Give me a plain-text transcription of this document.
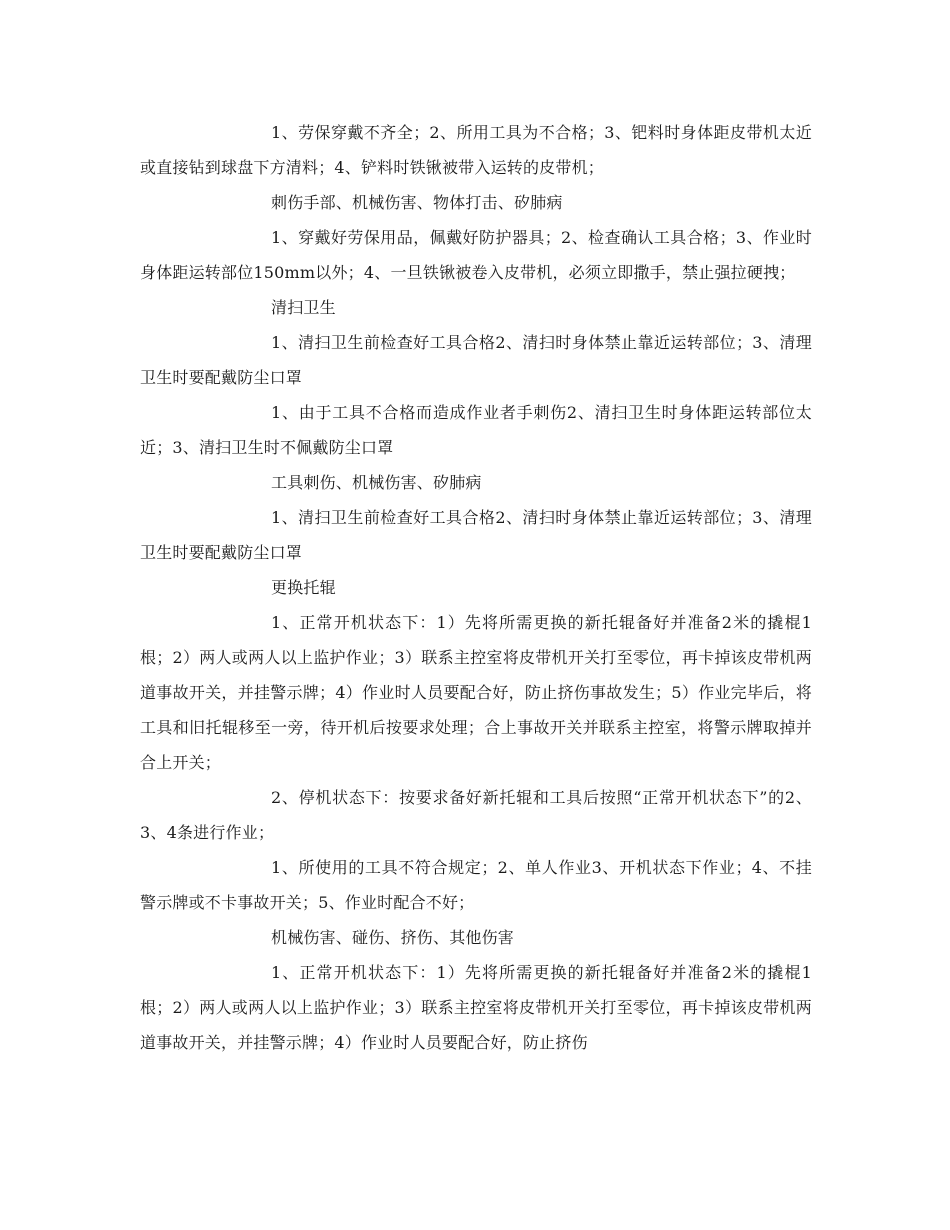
1、劳保穿戴不齐全；2、所用工具为不合格；3、钯料时身体距皮带机太近或直接钻到球盘下方清料；4、铲料时铁锹被带入运转的皮带机；

刺伤手部、机械伤害、物体打击、矽肺病

1、穿戴好劳保用品，佩戴好防护器具；2、检查确认工具合格；3、作业时身体距运转部位150mm以外；4、一旦铁锹被卷入皮带机，必须立即撒手，禁止强拉硬拽；

清扫卫生

1、清扫卫生前检查好工具合格2、清扫时身体禁止靠近运转部位；3、清理卫生时要配戴防尘口罩

1、由于工具不合格而造成作业者手刺伤2、清扫卫生时身体距运转部位太近；3、清扫卫生时不佩戴防尘口罩

工具刺伤、机械伤害、矽肺病

1、清扫卫生前检查好工具合格2、清扫时身体禁止靠近运转部位；3、清理卫生时要配戴防尘口罩

更换托辊

1、正常开机状态下：1）先将所需更换的新托辊备好并准备2米的撬棍1根；2）两人或两人以上监护作业；3）联系主控室将皮带机开关打至零位，再卡掉该皮带机两道事故开关，并挂警示牌；4）作业时人员要配合好，防止挤伤事故发生；5）作业完毕后，将工具和旧托辊移至一旁，待开机后按要求处理；合上事故开关并联系主控室，将警示牌取掉并合上开关；

2、停机状态下：按要求备好新托辊和工具后按照“正常开机状态下”的2、3、4条进行作业；

1、所使用的工具不符合规定；2、单人作业3、开机状态下作业；4、不挂警示牌或不卡事故开关；5、作业时配合不好；

机械伤害、碰伤、挤伤、其他伤害

1、正常开机状态下：1）先将所需更换的新托辊备好并准备2米的撬棍1根；2）两人或两人以上监护作业；3）联系主控室将皮带机开关打至零位，再卡掉该皮带机两道事故开关，并挂警示牌；4）作业时人员要配合好，防止挤伤
